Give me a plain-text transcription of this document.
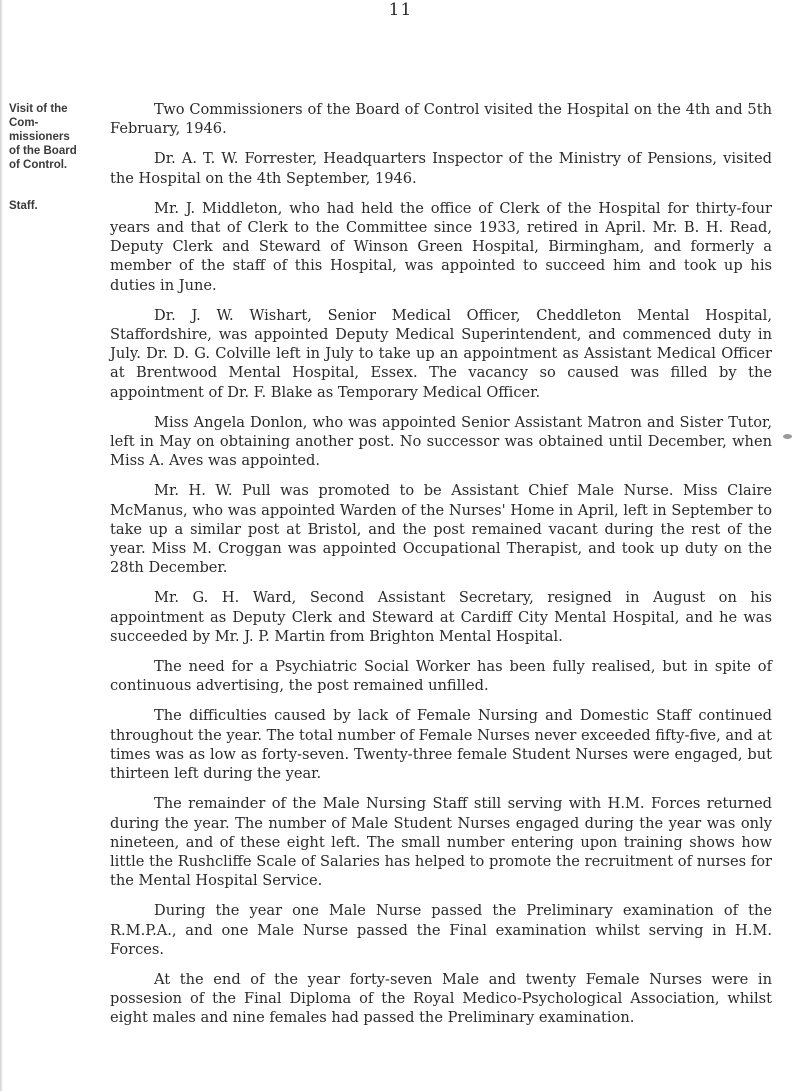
11
Visit of the Com- missioners of the Board of Control.
Staff.

Two Commissioners of the Board of Control visited the Hospital on the 4th and 5th February, 1946.

Dr. A. T. W. Forrester, Headquarters Inspector of the Ministry of Pensions, visited the Hospital on the 4th September, 1946.

Mr. J. Middleton, who had held the office of Clerk of the Hospital for thirty-four years and that of Clerk to the Committee since 1933, retired in April. Mr. B. H. Read, Deputy Clerk and Steward of Winson Green Hospital, Birmingham, and formerly a member of the staff of this Hospital, was appointed to succeed him and took up his duties in June.

Dr. J. W. Wishart, Senior Medical Officer, Cheddleton Mental Hospital, Staffordshire, was appointed Deputy Medical Superintendent, and commenced duty in July. Dr. D. G. Colville left in July to take up an appointment as Assistant Medical Officer at Brentwood Mental Hospital, Essex. The vacancy so caused was filled by the appointment of Dr. F. Blake as Temporary Medical Officer.

Miss Angela Donlon, who was appointed Senior Assistant Matron and Sister Tutor, left in May on obtaining another post. No successor was obtained until December, when Miss A. Aves was appointed.

Mr. H. W. Pull was promoted to be Assistant Chief Male Nurse. Miss Claire McManus, who was appointed Warden of the Nurses' Home in April, left in September to take up a similar post at Bristol, and the post remained vacant during the rest of the year. Miss M. Croggan was appointed Occupational Therapist, and took up duty on the 28th December.

Mr. G. H. Ward, Second Assistant Secretary, resigned in August on his appointment as Deputy Clerk and Steward at Cardiff City Mental Hospital, and he was succeeded by Mr. J. P. Martin from Brighton Mental Hospital.

The need for a Psychiatric Social Worker has been fully realised, but in spite of continuous advertising, the post remained unfilled.

The difficulties caused by lack of Female Nursing and Domestic Staff continued throughout the year. The total number of Female Nurses never exceeded fifty-five, and at times was as low as forty-seven. Twenty-three female Student Nurses were engaged, but thirteen left during the year.

The remainder of the Male Nursing Staff still serving with H.M. Forces returned during the year. The number of Male Student Nurses engaged during the year was only nineteen, and of these eight left. The small number entering upon training shows how little the Rushcliffe Scale of Salaries has helped to promote the recruitment of nurses for the Mental Hospital Service.

During the year one Male Nurse passed the Preliminary examination of the R.M.P.A., and one Male Nurse passed the Final examination whilst serving in H.M. Forces.

At the end of the year forty-seven Male and twenty Female Nurses were in possesion of the Final Diploma of the Royal Medico-Psychological Association, whilst eight males and nine females had passed the Preliminary examination.
